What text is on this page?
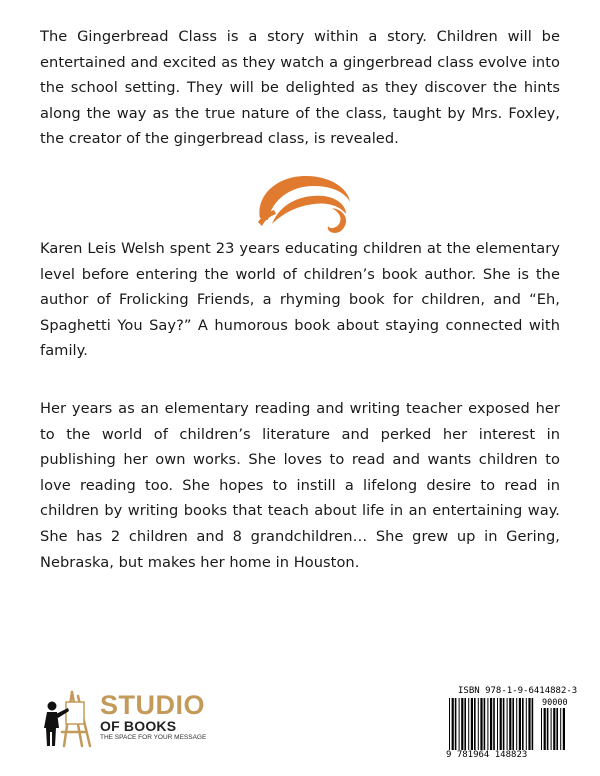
The Gingerbread Class is a story within a story. Children will be entertained and excited as they watch a gingerbread class evolve into the school setting. They will be delighted as they discover the hints along the way as the true nature of the class, taught by Mrs. Foxley, the creator of the gingerbread class, is revealed.

Karen Leis Welsh spent 23 years educating children at the elementary level before entering the world of children’s book author. She is the author of Frolicking Friends, a rhyming book for children, and “Eh, Spaghetti You Say?” A humorous book about staying connected with family.

Her years as an elementary reading and writing teacher exposed her to the world of children’s literature and perked her interest in publishing her own works. She loves to read and wants children to love reading too. She hopes to instill a lifelong desire to read in children by writing books that teach about life in an entertaining way. She has 2 children and 8 grandchildren… She grew up in Gering, Nebraska, but makes her home in Houston.

STUDIO
OF BOOKS
THE SPACE FOR YOUR MESSAGE
ISBN 978-1-9-6414882-3
90000
9 781964 148823
